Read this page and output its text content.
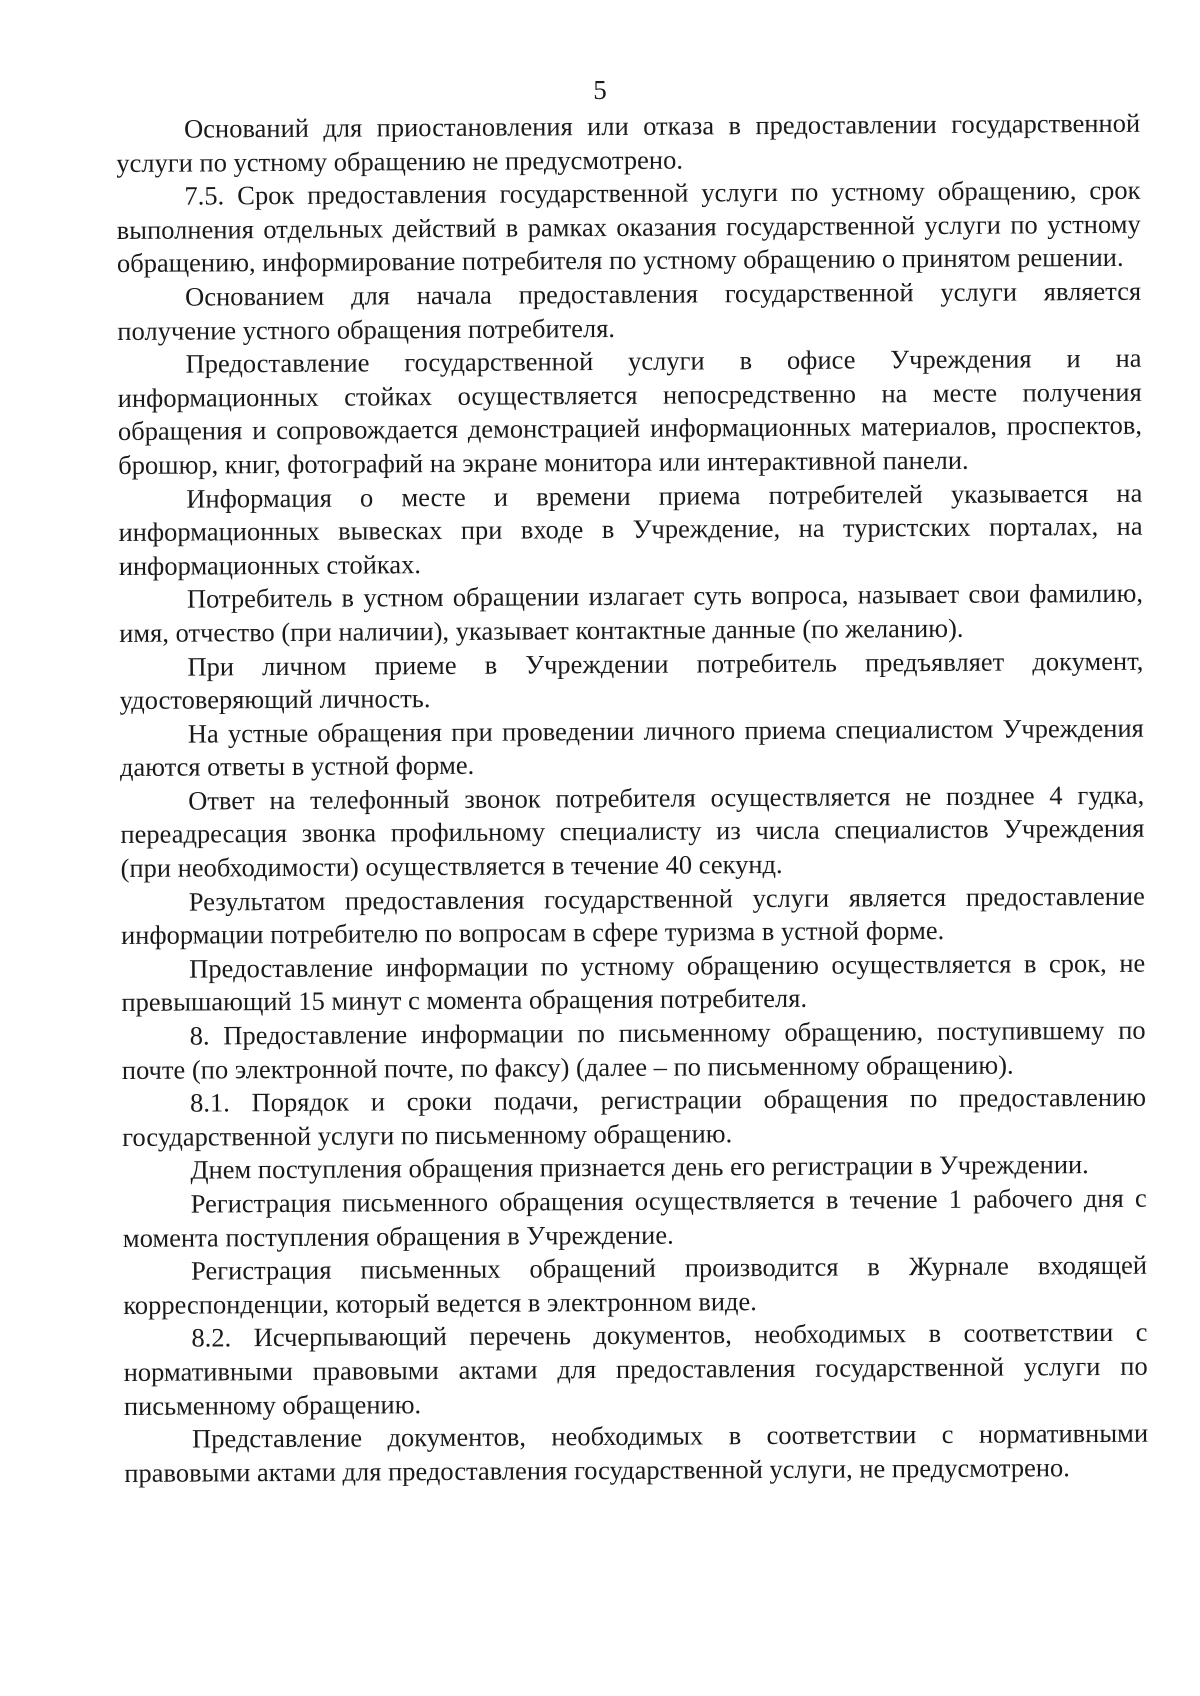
5

Оснований для приостановления или отказа в предоставлении государственной услуги по устному обращению не предусмотрено.

7.5. Срок предоставления государственной услуги по устному обращению, срок выполнения отдельных действий в рамках оказания государственной услуги по устному обращению, информирование потребителя по устному обращению о принятом решении.

Основанием для начала предоставления государственной услуги является получение устного обращения потребителя.

Предоставление государственной услуги в офисе Учреждения и на информационных стойках осуществляется непосредственно на месте получения обращения и сопровождается демонстрацией информационных материалов, проспектов, брошюр, книг, фотографий на экране монитора или интерактивной панели.

Информация о месте и времени приема потребителей указывается на информационных вывесках при входе в Учреждение, на туристских порталах, на информационных стойках.

Потребитель в устном обращении излагает суть вопроса, называет свои фамилию, имя, отчество (при наличии), указывает контактные данные (по желанию).

При личном приеме в Учреждении потребитель предъявляет документ, удостоверяющий личность.

На устные обращения при проведении личного приема специалистом Учреждения даются ответы в устной форме.

Ответ на телефонный звонок потребителя осуществляется не позднее 4 гудка, переадресация звонка профильному специалисту из числа специалистов Учреждения (при необходимости) осуществляется в течение 40 секунд.

Результатом предоставления государственной услуги является предоставление информации потребителю по вопросам в сфере туризма в устной форме.

Предоставление информации по устному обращению осуществляется в срок, не превышающий 15 минут с момента обращения потребителя.

8. Предоставление информации по письменному обращению, поступившему по почте (по электронной почте, по факсу) (далее – по письменному обращению).

8.1. Порядок и сроки подачи, регистрации обращения по предоставлению государственной услуги по письменному обращению.

Днем поступления обращения признается день его регистрации в Учреждении.

Регистрация письменного обращения осуществляется в течение 1 рабочего дня с момента поступления обращения в Учреждение.

Регистрация письменных обращений производится в Журнале входящей корреспонденции, который ведется в электронном виде.

8.2. Исчерпывающий перечень документов, необходимых в соответствии с нормативными правовыми актами для предоставления государственной услуги по письменному обращению.

Представление документов, необходимых в соответствии с нормативными правовыми актами для предоставления государственной услуги, не предусмотрено.
